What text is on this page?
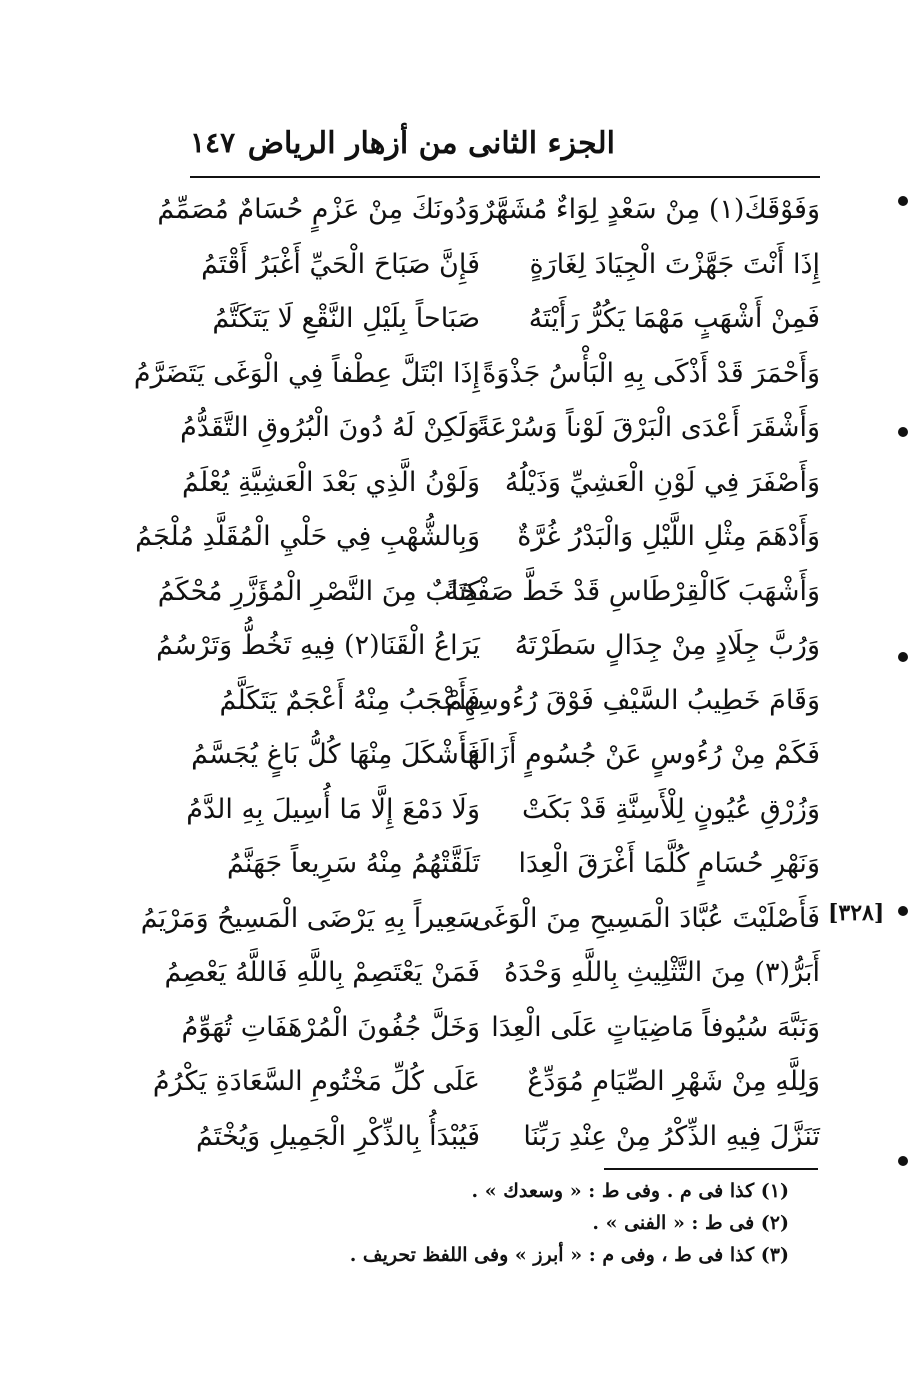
الجزء الثانى من أزهار الرياض
١٤٧
وَفَوْقَكَ(١) مِنْ سَعْدٍ لِوَاءٌ مُشَهَّرٌ
وَدُونَكَ مِنْ عَزْمٍ حُسَامٌ مُصَمِّمُ
إِذَا أَنْتَ جَهَّزْتَ الْجِيَادَ لِغَارَةٍ
فَإِنَّ صَبَاحَ الْحَيِّ أَغْبَرُ أَقْتَمُ
فَمِنْ أَشْهَبٍ مَهْمَا يَكُرُّ رَأَيْتَهُ
صَبَاحاً بِلَيْلِ النَّقْعِ لَا يَتَكَتَّمُ
وَأَحْمَرَ قَدْ أَذْكَى بِهِ الْبَأْسُ جَذْوَةً
إِذَا ابْتَلَّ عِطْفاً فِي الْوَغَى يَتَضَرَّمُ
وَأَشْقَرَ أَعْدَى الْبَرْقَ لَوْناً وَسُرْعَةً
وَلَكِنْ لَهُ دُونَ الْبُرُوقِ التَّقَدُّمُ
وَأَصْفَرَ فِي لَوْنِ الْعَشِيِّ وَذَيْلُهُ
وَلَوْنُ الَّذِي بَعْدَ الْعَشِيَّةِ يُعْلَمُ
وَأَدْهَمَ مِثْلِ اللَّيْلِ وَالْبَدْرُ غُرَّةٌ
وَبِالشُّهْبِ فِي حَلْيِ الْمُقَلَّدِ مُلْجَمُ
وَأَشْهَبَ كَالْقِرْطَاسِ قَدْ خَطَّ صَفْحَةً
كِتَابٌ مِنَ النَّصْرِ الْمُؤَزَّرِ مُحْكَمُ
وَرُبَّ جِلَادٍ مِنْ جِدَالٍ سَطَرْتَهُ
يَرَاعُ الْقَنَا(٢) فِيهِ تَخُطُّ وَتَرْسُمُ
وَقَامَ خَطِيبُ السَّيْفِ فَوْقَ رُءُوسِهِمْ
فَأَعْجَبُ مِنْهُ أَعْجَمٌ يَتَكَلَّمُ
فَكَمْ مِنْ رُءُوسٍ عَنْ جُسُومٍ أَزَالَهَا
فَأَشْكَلَ مِنْهَا كُلُّ بَاغٍ يُجَسَّمُ
وَزُرْقِ عُيُونٍ لِلْأَسِنَّةِ قَدْ بَكَتْ
وَلَا دَمْعَ إِلَّا مَا أُسِيلَ بِهِ الدَّمُ
وَنَهْرِ حُسَامٍ كُلَّمَا أَغْرَقَ الْعِدَا
تَلَقَّتْهُمُ مِنْهُ سَرِيعاً جَهَنَّمُ
فَأَصْلَيْتَ عُبَّادَ الْمَسِيحِ مِنَ الْوَغَى
سَعِيراً بِهِ يَرْضَى الْمَسِيحُ وَمَرْيَمُ
أَبَرُّ(٣) مِنَ التَّثْلِيثِ بِاللَّهِ وَحْدَهُ
فَمَنْ يَعْتَصِمْ بِاللَّهِ فَاللَّهُ يَعْصِمُ
وَنَبَّهَ سُيُوفاً مَاضِيَاتٍ عَلَى الْعِدَا
وَخَلَّ جُفُونَ الْمُرْهَفَاتِ تُهَوِّمُ
وَلِلَّهِ مِنْ شَهْرِ الصِّيَامِ مُوَدِّعٌ
عَلَى كُلِّ مَخْتُومِ السَّعَادَةِ يَكْرُمُ
تَنَزَّلَ فِيهِ الذِّكْرُ مِنْ عِنْدِ رَبِّنَا
فَيُبْدَأُ بِالذِّكْرِ الْجَمِيلِ وَيُخْتَمُ
[٣٢٨]
(١) كذا فى م . وفى ط : « وسعدك » .
(٢) فى ط : « الفنى » .
(٣) كذا فى ط ، وفى م : « أبرز » وفى اللفظ تحريف .
